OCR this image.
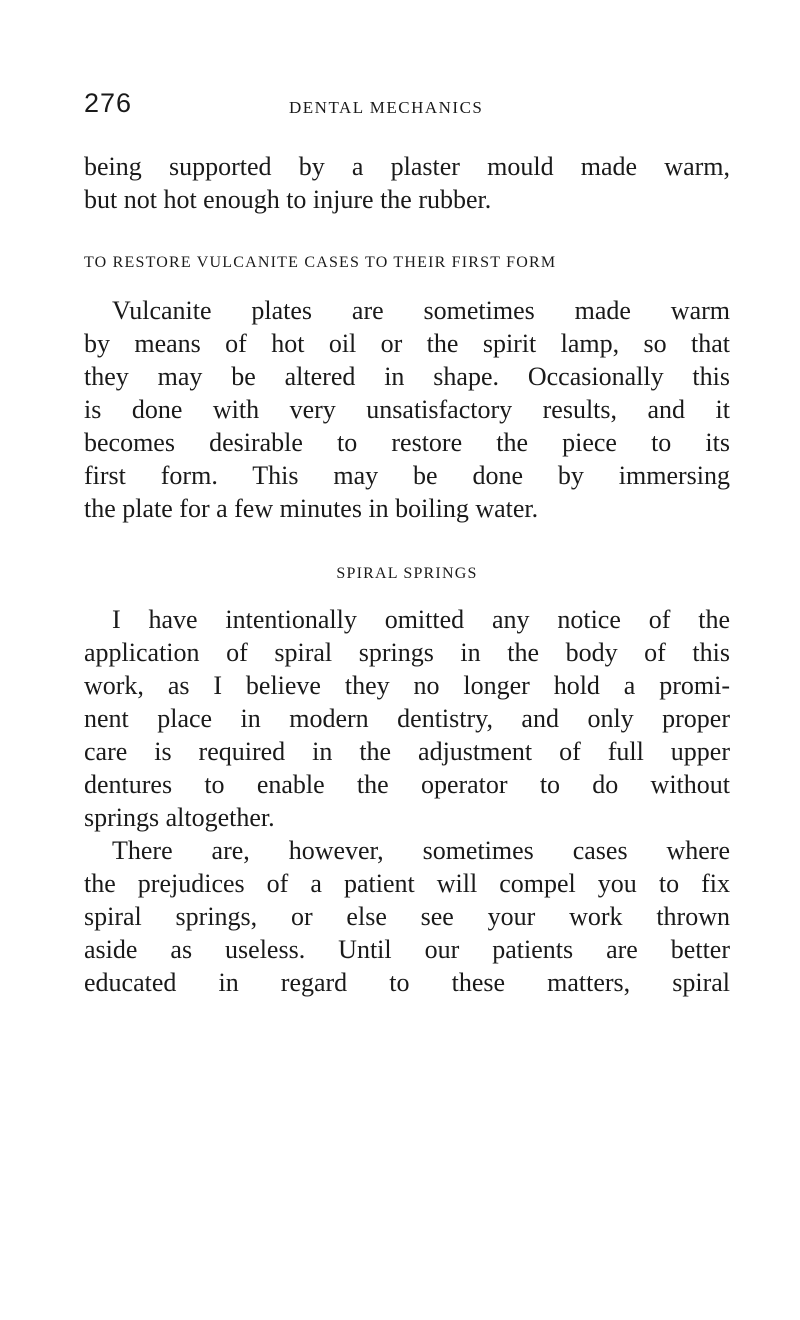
276	DENTAL MECHANICS
being supported by a plaster mould made warm,
but not hot enough to injure the rubber.
TO RESTORE VULCANITE CASES TO THEIR FIRST FORM
Vulcanite plates are sometimes made warm
by means of hot oil or the spirit lamp, so that
they may be altered in shape. Occasionally this
is done with very unsatisfactory results, and it
becomes desirable to restore the piece to its
first form. This may be done by immersing
the plate for a few minutes in boiling water.
SPIRAL SPRINGS
I have intentionally omitted any notice of the
application of spiral springs in the body of this
work, as I believe they no longer hold a promi-
nent place in modern dentistry, and only proper
care is required in the adjustment of full upper
dentures to enable the operator to do without
springs altogether.
There are, however, sometimes cases where
the prejudices of a patient will compel you to fix
spiral springs, or else see your work thrown
aside as useless. Until our patients are better
educated in regard to these matters, spiral
